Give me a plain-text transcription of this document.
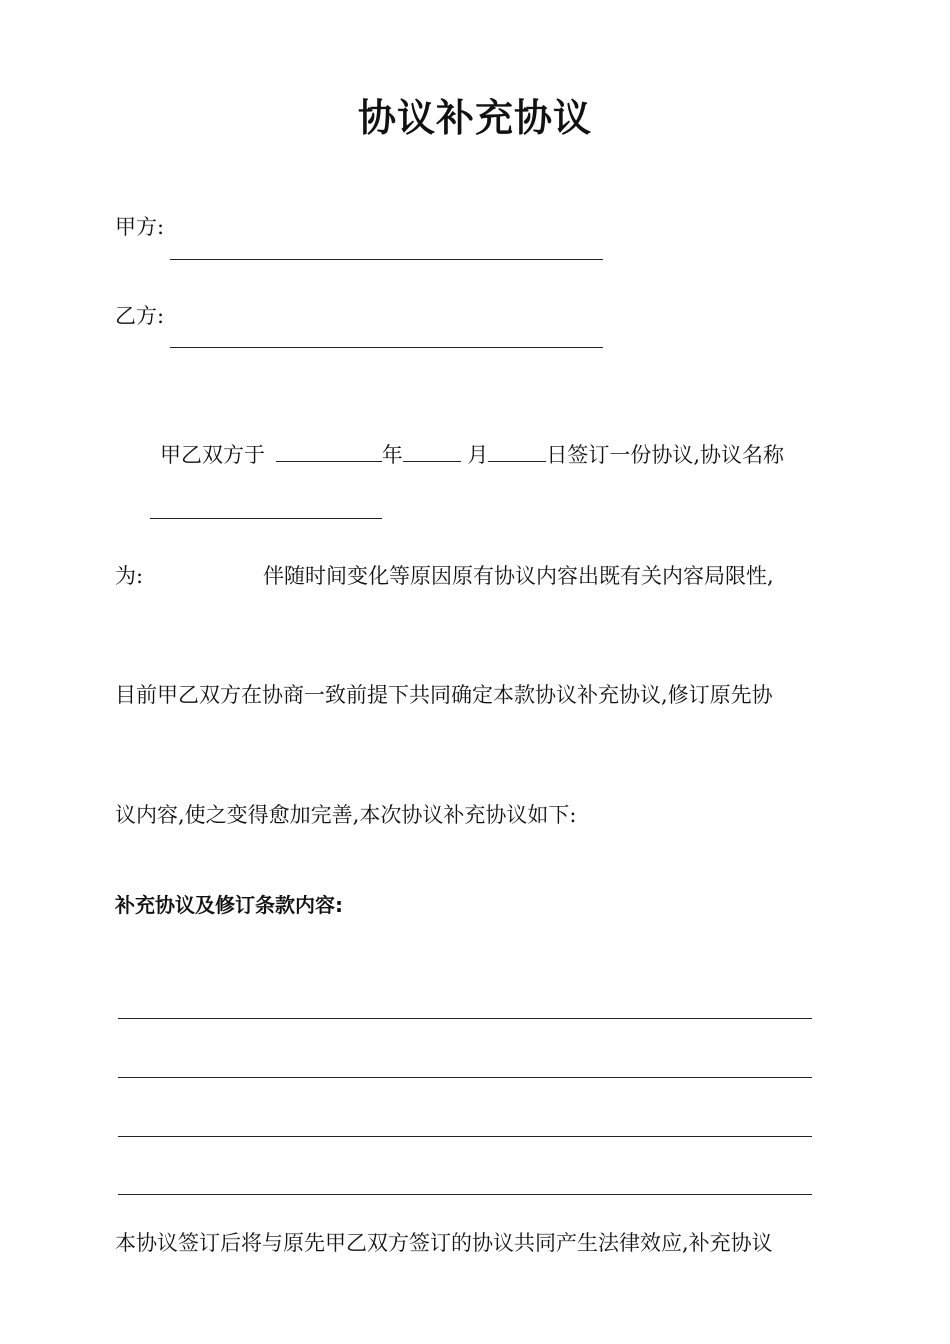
协议补充协议
甲方:
乙方:
甲乙双方于	年	月	日签订一份协议,协议名称
为:	伴随时间变化等原因原有协议内容出既有关内容局限性,
目前甲乙双方在协商一致前提下共同确定本款协议补充协议,修订原先协
议内容,使之变得愈加完善,本次协议补充协议如下:
补充协议及修订条款内容:
本协议签订后将与原先甲乙双方签订的协议共同产生法律效应,补充协议
